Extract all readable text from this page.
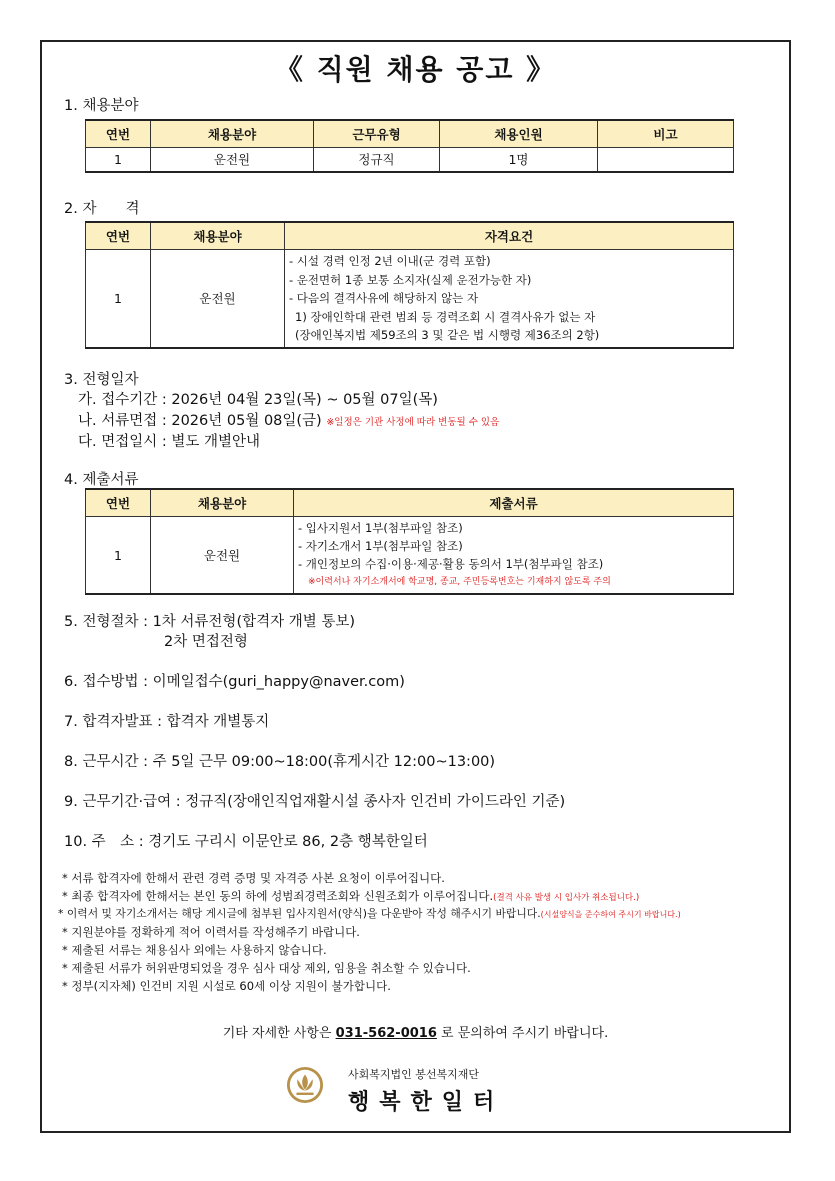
《 직원 채용 공고 》
1. 채용분야
연번	채용분야	근무유형	채용인원	비고
1	운전원	정규직	1명	
2. 자　　격
연번	채용분야	자격요건
1	운전원	- 시설 경력 인정 2년 이내(군 경력 포함)
- 운전면허 1종 보통 소지자(실제 운전가능한 자)
- 다음의 결격사유에 해당하지 않는 자
1) 장애인학대 관련 범죄 등 경력조회 시 결격사유가 없는 자
(장애인복지법 제59조의 3 및 같은 법 시행령 제36조의 2항)
3. 전형일자
가. 접수기간 : 2026년 04월 23일(목) ~ 05월 07일(목)
나. 서류면접 : 2026년 05월 08일(금) ※일정은 기관 사정에 따라 변동될 수 있음
다. 면접일시 : 별도 개별안내
4. 제출서류
연번	채용분야	제출서류
1	운전원	- 입사지원서 1부(첨부파일 참조)
- 자기소개서 1부(첨부파일 참조)
- 개인정보의 수집·이용·제공·활용 동의서 1부(첨부파일 참조)
※이력서나 자기소개서에 학교명, 종교, 주민등록번호는 기재하지 않도록 주의
5. 전형절차 : 1차 서류전형(합격자 개별 통보)
2차 면접전형
6. 접수방법 : 이메일접수(guri_happy@naver.com)
7. 합격자발표 : 합격자 개별통지
8. 근무시간 : 주 5일 근무 09:00~18:00(휴게시간 12:00~13:00)
9. 근무기간·급여 : 정규직(장애인직업재활시설 종사자 인건비 가이드라인 기준)
10. 주　소 : 경기도 구리시 이문안로 86, 2층 행복한일터
* 서류 합격자에 한해서 관련 경력 증명 및 자격증 사본 요청이 이루어집니다.
* 최종 합격자에 한해서는 본인 동의 하에 성범죄경력조회와 신원조회가 이루어집니다.(결격 사유 발생 시 입사가 취소됩니다.)
* 이력서 및 자기소개서는 해당 게시글에 첨부된 입사지원서(양식)을 다운받아 작성 해주시기 바랍니다.(시설양식을 준수하여 주시기 바랍니다.)
* 지원분야를 정확하게 적어 이력서를 작성해주기 바랍니다.
* 제출된 서류는 채용심사 외에는 사용하지 않습니다.
* 제출된 서류가 허위판명되었을 경우 심사 대상 제외, 임용을 취소할 수 있습니다.
* 정부(지자체) 인건비 지원 시설로 60세 이상 지원이 불가합니다.
기타 자세한 사항은 031-562-0016 로 문의하여 주시기 바랍니다.
사회복지법인 봉선복지재단
행복한일터
